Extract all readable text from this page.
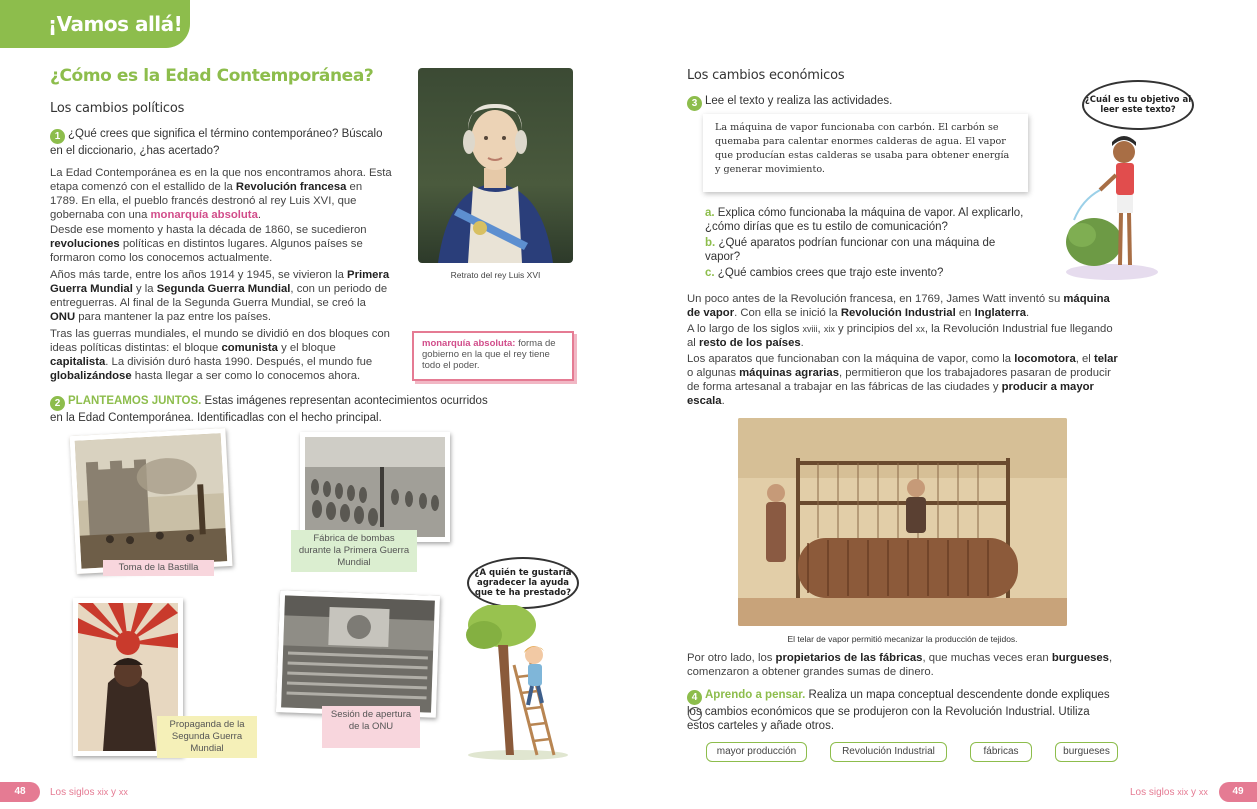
¡Vamos allá!
¿Cómo es la Edad Contemporánea?
Los cambios políticos
1 ¿Qué crees que significa el término contemporáneo? Búscalo en el diccionario, ¿has acertado?
La Edad Contemporánea es en la que nos encontramos ahora. Esta etapa comenzó con el estallido de la Revolución francesa en 1789. En ella, el pueblo francés destronó al rey Luis XVI, que gobernaba con una monarquía absoluta.
Desde ese momento y hasta la década de 1860, se sucedieron revoluciones políticas en distintos lugares. Algunos países se formaron como los conocemos actualmente.
Años más tarde, entre los años 1914 y 1945, se vivieron la Primera Guerra Mundial y la Segunda Guerra Mundial, con un periodo de entreguerras. Al final de la Segunda Guerra Mundial, se creó la ONU para mantener la paz entre los países.
Tras las guerras mundiales, el mundo se dividió en dos bloques con ideas políticas distintas: el bloque comunista y el bloque capitalista. La división duró hasta 1990. Después, el mundo fue globalizándose hasta llegar a ser como lo conocemos ahora.
Retrato del rey Luis XVI
monarquía absoluta: forma de gobierno en la que el rey tiene todo el poder.
2 PLANTEAMOS JUNTOS. Estas imágenes representan acontecimientos ocurridos en la Edad Contemporánea. Identificadlas con el hecho principal.
Toma de la Bastilla
Fábrica de bombas durante la Primera Guerra Mundial
Propaganda de la Segunda Guerra Mundial
Sesión de apertura de la ONU
¿A quién te gustaría agradecer la ayuda que te ha prestado?
Los cambios económicos
3 Lee el texto y realiza las actividades.
La máquina de vapor funcionaba con carbón. El carbón se quemaba para calentar enormes calderas de agua. El vapor que producían estas calderas se usaba para obtener energía y generar movimiento.
a. Explica cómo funcionaba la máquina de vapor. Al explicarlo, ¿cómo dirías que es tu estilo de comunicación?
b. ¿Qué aparatos podrían funcionar con una máquina de vapor?
c. ¿Qué cambios crees que trajo este invento?
¿Cuál es tu objetivo al leer este texto?
Un poco antes de la Revolución francesa, en 1769, James Watt inventó su máquina de vapor. Con ella se inició la Revolución Industrial en Inglaterra.
A lo largo de los siglos xviii, xix y principios del xx, la Revolución Industrial fue llegando al resto de los países.
Los aparatos que funcionaban con la máquina de vapor, como la locomotora, el telar o algunas máquinas agrarias, permitieron que los trabajadores pasaran de producir de forma artesanal a trabajar en las fábricas de las ciudades y producir a mayor escala.
El telar de vapor permitió mecanizar la producción de tejidos.
Por otro lado, los propietarios de las fábricas, que muchas veces eran burgueses, comenzaron a obtener grandes sumas de dinero.
4 Aprendo a pensar. Realiza un mapa conceptual descendente donde expliques los cambios económicos que se produjeron con la Revolución Industrial. Utiliza estos carteles y añade otros.
mayor producción	Revolución Industrial	fábricas	burgueses
48	Los siglos xix y xx	Los siglos xix y xx	49
